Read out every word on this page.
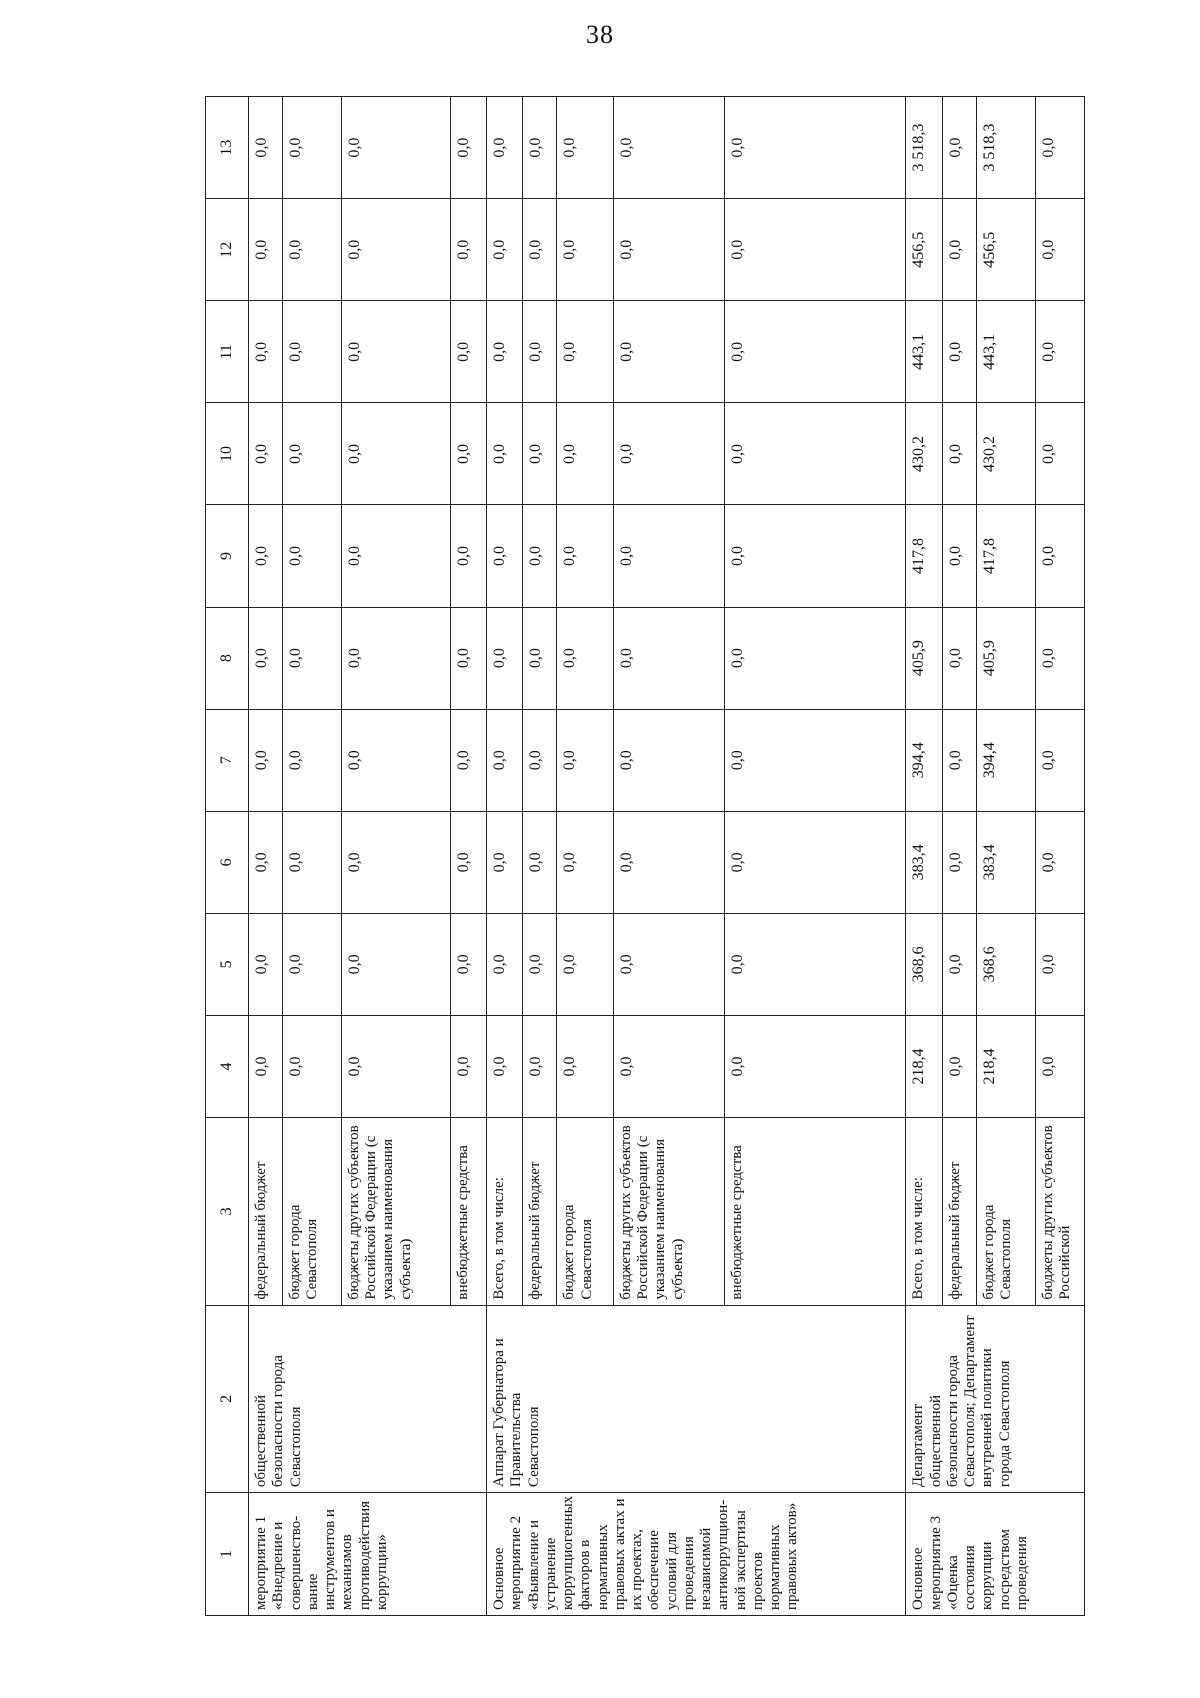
38
1	2	3	4	5	6	7	8	9	10	11	12	13
мероприятие 1 «Внедрение и совершенство- вание инструментов и механизмов противодействия коррупции»	общественной безопасности города Севастополя	федеральный бюджет	0,0	0,0	0,0	0,0	0,0	0,0	0,0	0,0	0,0	0,0
		бюджет города Севастополя	0,0	0,0	0,0	0,0	0,0	0,0	0,0	0,0	0,0	0,0
		бюджеты других субъектов Российской Федерации (с указанием наименования субъекта)	0,0	0,0	0,0	0,0	0,0	0,0	0,0	0,0	0,0	0,0
		внебюджетные средства	0,0	0,0	0,0	0,0	0,0	0,0	0,0	0,0	0,0	0,0
Основное мероприятие 2 «Выявление и устранение коррупциогенных факторов в нормативных правовых актах и их проектах, обеспечение условий для проведения независимой антикоррупцион- ной экспертизы проектов нормативных правовых актов»	Аппарат Губернатора и Правительства Севастополя	Всего, в том числе:	0,0	0,0	0,0	0,0	0,0	0,0	0,0	0,0	0,0	0,0
		федеральный бюджет	0,0	0,0	0,0	0,0	0,0	0,0	0,0	0,0	0,0	0,0
		бюджет города Севастополя	0,0	0,0	0,0	0,0	0,0	0,0	0,0	0,0	0,0	0,0
		бюджеты других субъектов Российской Федерации (с указанием наименования субъекта)	0,0	0,0	0,0	0,0	0,0	0,0	0,0	0,0	0,0	0,0
		внебюджетные средства	0,0	0,0	0,0	0,0	0,0	0,0	0,0	0,0	0,0	0,0
Основное мероприятие 3 «Оценка состояния коррупции посредством проведения	Департамент общественной безопасности города Севастополя; Департамент внутренней политики города Севастополя	Всего, в том числе:	218,4	368,6	383,4	394,4	405,9	417,8	430,2	443,1	456,5	3 518,3
		федеральный бюджет	0,0	0,0	0,0	0,0	0,0	0,0	0,0	0,0	0,0	0,0
		бюджет города Севастополя	218,4	368,6	383,4	394,4	405,9	417,8	430,2	443,1	456,5	3 518,3
		бюджеты других субъектов Российской	0,0	0,0	0,0	0,0	0,0	0,0	0,0	0,0	0,0	0,0
